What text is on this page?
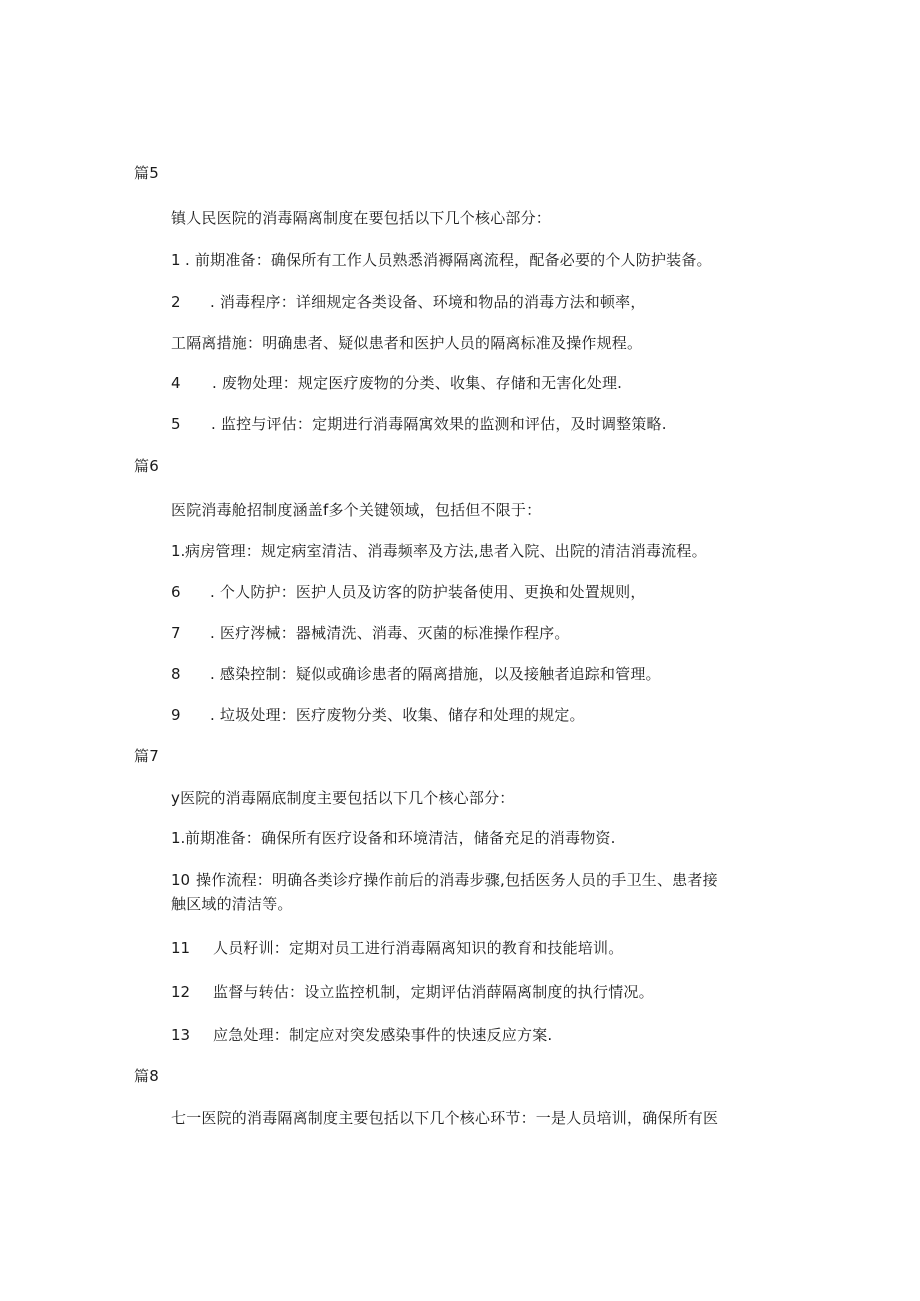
篇5
镇人民医院的消毒隔离制度在要包括以下几个核心部分：
1 . 前期准备：确保所有工作人员熟悉消褥隔离流程，配备必要的个人防护装备。
2 . 消毒程序：详细规定各类设备、环境和物品的消毒方法和顿率，
工隔离措施：明确患者、疑似患者和医护人员的隔离标准及操作规程。
4 . 废物处理：规定医疗废物的分类、收集、存储和无害化处理.
5 . 监控与评估：定期进行消毒隔寓效果的监测和评估，及时调整策略.
篇6
医院消毒舱招制度涵盖f多个关键领域，包括但不限于：
1. 病房管理：规定病室清洁、消毒频率及方法,患者入院、出院的清洁消毒流程。
6 . 个人防护：医护人员及访客的防护装备使用、更换和处置规则，
7 . 医疗涔械：器械清洗、消毒、灭菌的标准操作程序。
8 . 感染控制：疑似或确诊患者的隔离措施，以及接触者追踪和管理。
9 . 垃圾处理：医疗废物分类、收集、储存和处理的规定。
篇7
y医院的消毒隔底制度主要包括以下几个核心部分：
1. 前期准备：确保所有医疗设备和环境清洁，储备充足的消毒物资.
10 操作流程：明确各类诊疗操作前后的消毒步骤,包括医务人员的手卫生、患者接
触区域的清洁等。
11 人员籽训：定期对员工进行消毒隔离知识的教育和技能培训。
12 监督与转估：设立监控机制，定期评估消薛隔离制度的执行情况。
13 应急处理：制定应对突发感染事件的快速反应方案.
篇8
七一医院的消毒隔离制度主要包括以下几个核心环节：一是人员培训，确保所有医
